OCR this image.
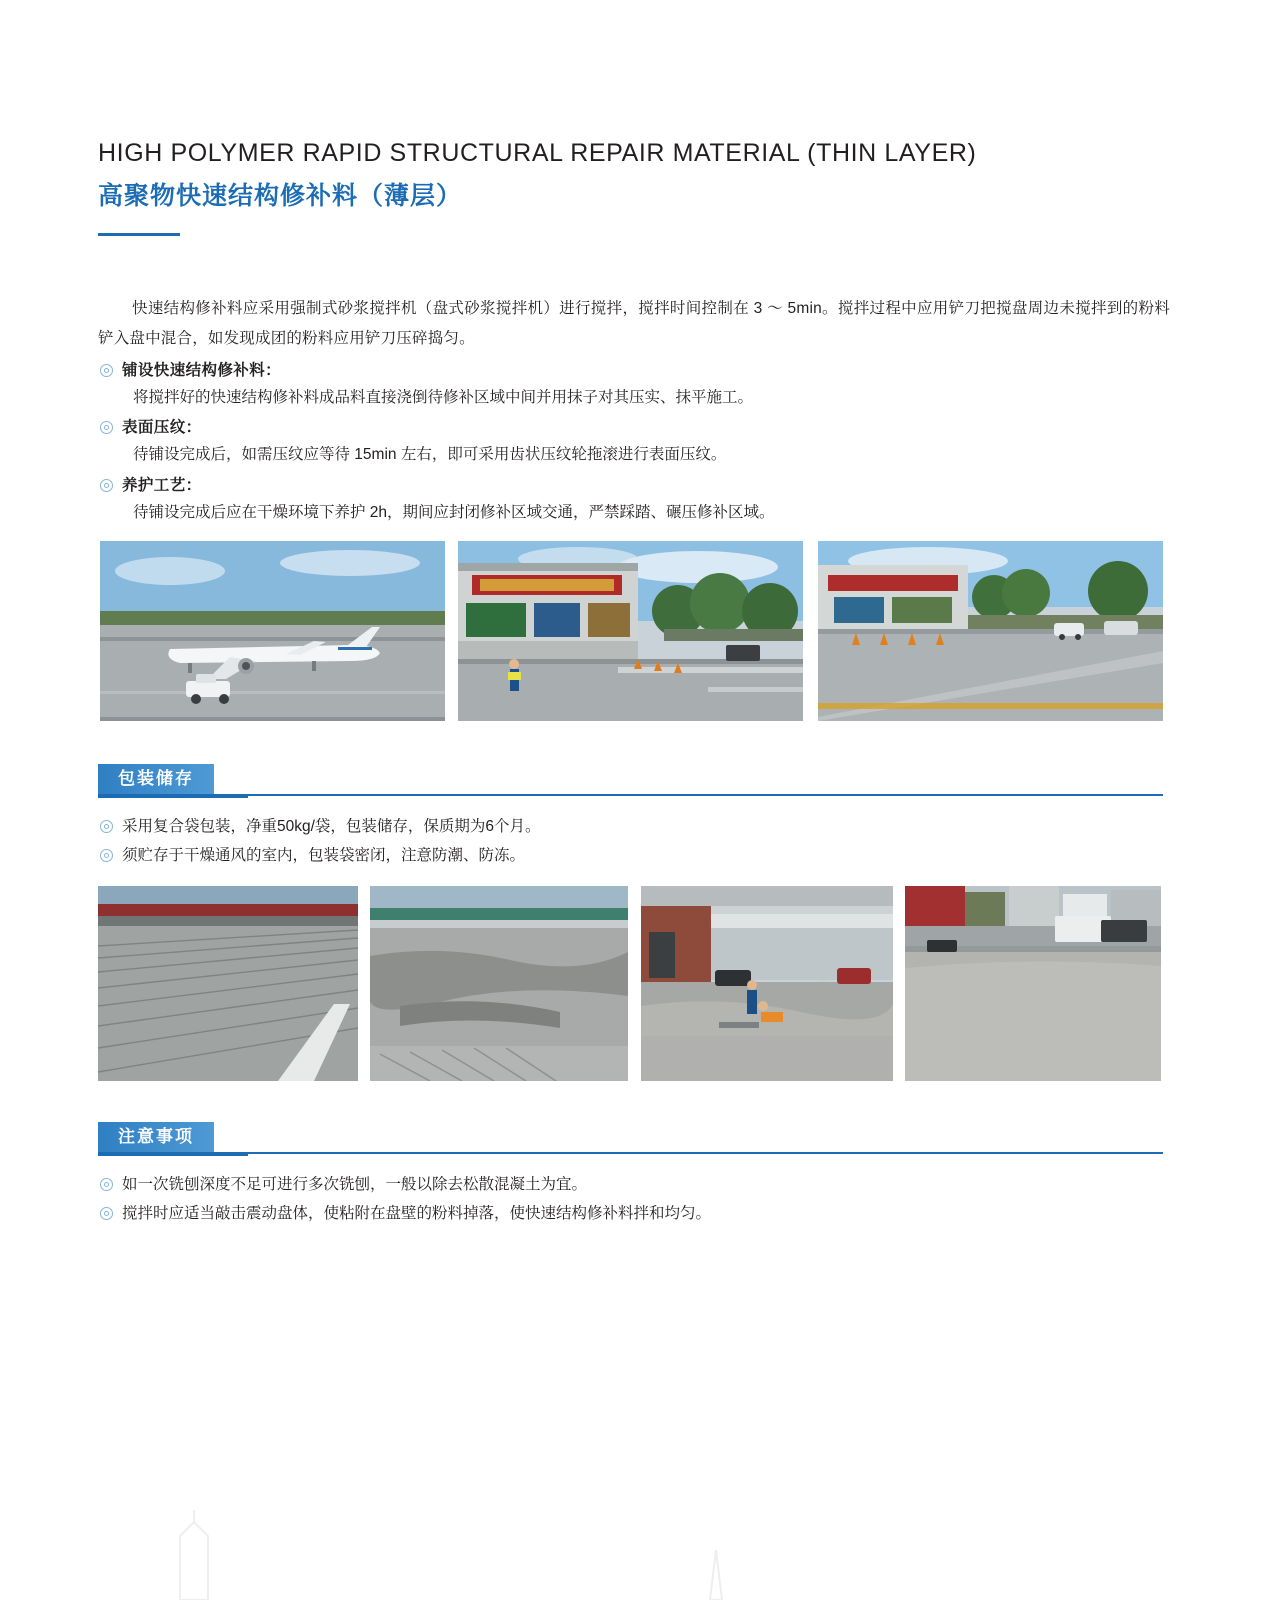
HIGH POLYMER RAPID STRUCTURAL REPAIR MATERIAL (THIN LAYER)
高聚物快速结构修补料（薄层）
快速结构修补料应采用强制式砂浆搅拌机（盘式砂浆搅拌机）进行搅拌，搅拌时间控制在 3 ～ 5min。搅拌过程中应用铲刀把搅盘周边未搅拌到的粉料铲入盘中混合，如发现成团的粉料应用铲刀压碎捣匀。
铺设快速结构修补料：
将搅拌好的快速结构修补料成品料直接浇倒待修补区域中间并用抹子对其压实、抹平施工。
表面压纹：
待铺设完成后，如需压纹应等待 15min 左右，即可采用齿状压纹轮拖滚进行表面压纹。
养护工艺：
待铺设完成后应在干燥环境下养护 2h，期间应封闭修补区域交通，严禁踩踏、碾压修补区域。
包装储存
采用复合袋包装，净重50kg/袋，包装储存，保质期为6个月。
须贮存于干燥通风的室内，包装袋密闭，注意防潮、防冻。
注意事项
如一次铣刨深度不足可进行多次铣刨，一般以除去松散混凝土为宜。
搅拌时应适当敲击震动盘体，使粘附在盘壁的粉料掉落，使快速结构修补料拌和均匀。
